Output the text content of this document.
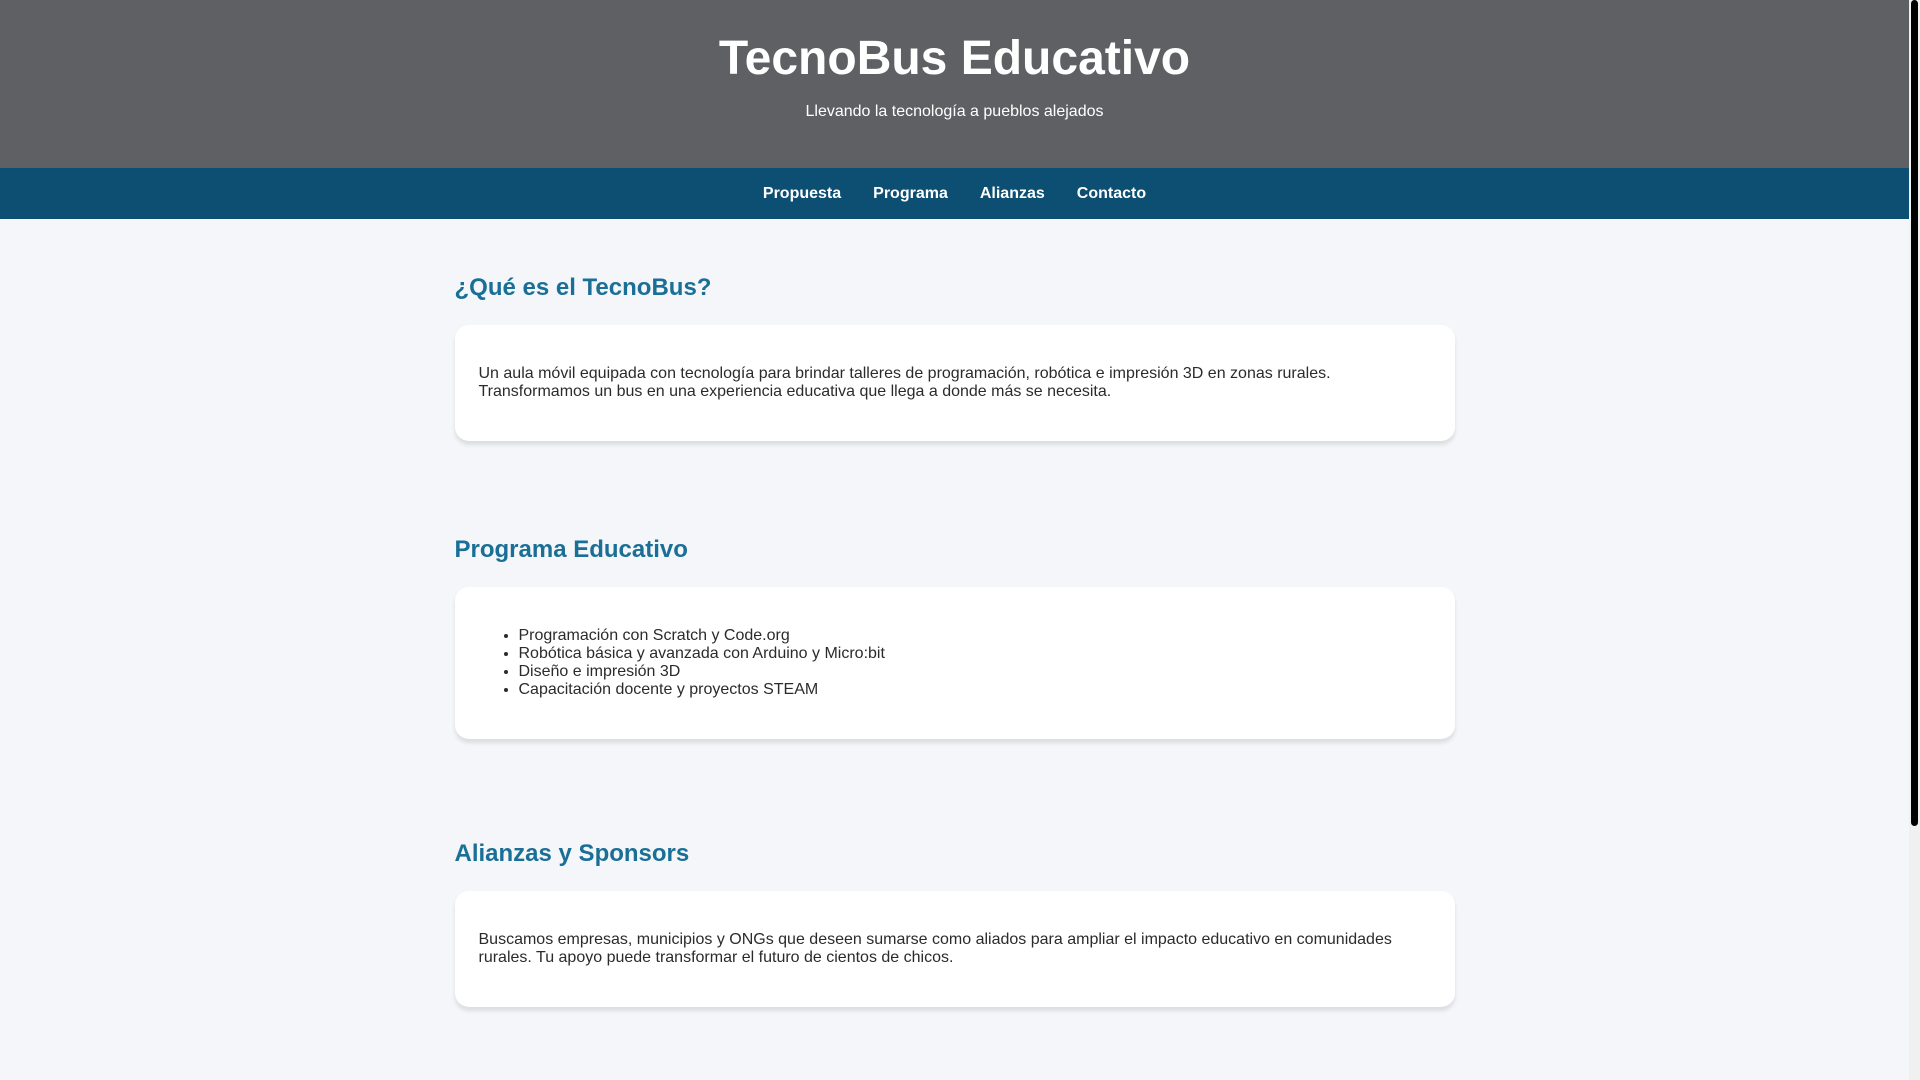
TecnoBus Educativo

Llevando la tecnología a pueblos alejados

Propuesta Programa Alianzas Contacto
¿Qué es el TecnoBus?

Un aula móvil equipada con tecnología para brindar talleres de programación, robótica e impresión 3D en zonas rurales. Transformamos un bus en una experiencia educativa que llega a donde más se necesita.

Programa Educativo
• Programación con Scratch y Code.org
• Robótica básica y avanzada con Arduino y Micro:bit
• Diseño e impresión 3D
• Capacitación docente y proyectos STEAM
Alianzas y Sponsors

Buscamos empresas, municipios y ONGs que deseen sumarse como aliados para ampliar el impacto educativo en comunidades rurales. Tu apoyo puede transformar el futuro de cientos de chicos.
